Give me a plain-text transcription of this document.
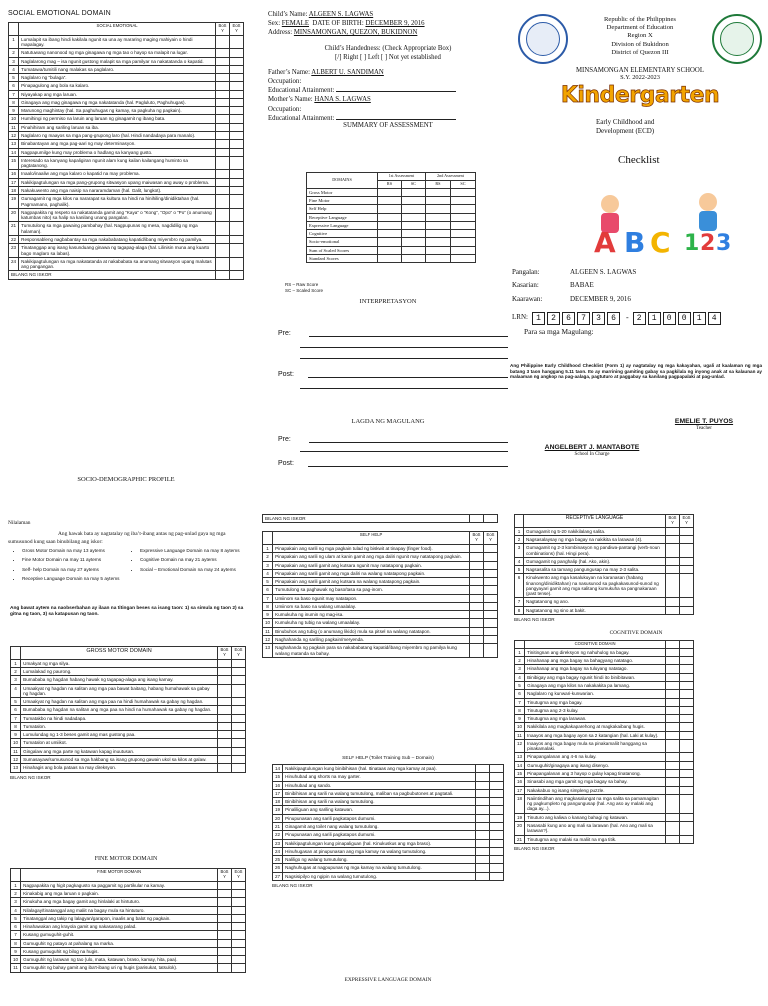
SOCIAL EMOTIONAL DOMAIN
	SOCIAL EMOTIONAL	BoS Y	EoS Y
1	Lumalapit sa ibang hindi kakilala ngunit sa una ay mararing maging mahiyain o hindi mapalagay.		
2	Natutuwang nanonood ng mga ginagawa ng mga tao o hayop sa malapit na lugar.		
3	Naglalarong mag – isa ngunit gustong malapit sa mga pamilyar na nakatatanda o kapatid.		
4	Tumatawa/tumitili nang malakas sa paglalaro.		
5	Naglalaro ng “bulaga”.		
6	Pinapagulong ang bola sa kalaro.		
7	Niyayakap ang mga laruan.		
8	Ginagaya ang mag ginagawa ng mga nakatatanda (hal. Pagluluto, Paghuhugas).		
9	Marunong maghintay (hal. Sa paghuhugas ng kamay, sa pagkuha ng pagkain).		
10	Humihingi ng permiso na laruin ang laruan ng ginagamit ng ibang bata.		
11	Pinahihiram ang sariling laruan sa iba.		
12	Naglalaro ng maayos sa mga pang-grupong laro (hal. Hindi nandadaya para manalo).		
13	Binabantayan ang mga pag-aari ng may determinasyon.		
14	Nagpapumilge kung may problema o hadlang sa kanyang gusto.		
15	Interesado sa kanyang kapaligiran ngunit alam kung kailan kailangang huminto sa pagtatanong.		
16	Inaalo/inaaliw ang mga kalaro o kapatid na may problema.		
17	Nakikipagtulungan sa mga pang-grupong sitwasyon upang maiwasan ang away o problema.		
18	Nakakuwento ang mga naisip na nararamdaman (hal. Galit, lungkot).		
19	Gumagamit ng mga kilos na nararapat sa kultura na hindi na hinihiling/dinidiktahan (hal. Pagmamano, paghalik).		
20	Nagpapakita ng respeto sa nakatatanda gamit ang “Kaya” o “Kong”, “Opo” o “Po” (o anumang katumbas nito) sa halip na kanilang unang pangalan.		
21	Tumutulong sa mga gawaing pambahay (hal. Nagpupunas ng mesa, nagdidilig ng mga halaman).		
22	Responsableng nagbabantay sa mga nakababatang kapatid/ibang miyembro ng pamilya.		
23	Tinatanggap ang isang kasunduang ginawa ng tagapag-alaga (hal. Lilinisin muna ang kuarto bago maglaro sa labas).		
24	Nakikipagtulungan sa mga nakatatanda at nakababata sa anumang sitwasyon upang malutas ang pangangan.		
BILANG NG ISKOR			
Child’s Name: ALGEEN S. LAGWAS
Sex: FEMALE DATE OF BIRTH: DECEMBER 9, 2016
Address: MINSAMONGAN, QUEZON, BUKIDNON
Child’s Handedness: (Check Appropriate Box)
[/] Right [ ] Left [ ] Not yet established
Father’s Name: ALBERT U. SANDIMAN
Occupation:
Educational Attainment:
Mother’s Name: HANA S. LAGWAS
Occupation:
Educational Attainment:
SUMMARY OF ASSESSMENT
DOMAINS	1st Assessment		2nd Assessment	
	RS	SC	RS	SC
Gross Motor				
Fine Motor				
Self Help				
Receptive Language				
Expressive Language				
Cognitive				
Socio-emotional				
Sum of Scaled Scores				
Standard Scores				
RS – Raw Score
SC – Scaled Score
INTERPRETASYON
Pre:
Post:
LAGDA NG MAGULANG
Pre:
Post:
Republic of the Philippines
Department of Education
Region X
Division of Bukidnon
District of Quezon III
MINSAMONGAN ELEMENTARY SCHOOL
S.Y. 2022-2023
Kindergarten
Early Childhood and
Development (ECD)
Checklist
A B C 1 2 3
Pangalan:	ALGEEN S. LAGWAS
Kasarian:	BABAE
Kaarawan:	DECEMBER 9, 2016
LRN:	1 2 6 7 3 6 - 2 1 0 0 1 4
Para sa mga Magulang:
Ang Philippine Early Childhood Checklist (Form 1) ay nagtatalay ng mga kakayahan, ugali at kaalaman ng mga batang 3 taon hanggang 5.11 taon. Ito ay marrining gamiting gabay sa pagkilala ng inyong anak at sa kalaunan ay malaaman ng angkop na pag-aalaga, pagtuturo at paggabay sa kanilang pagpapalaki at pag-unlad.
EMELIE T. PUYOS
Teacher
ANGELBERT J. MANTABOTE
School In Charge
SOCIO-DEMOGRAPHIC PROFILE
Nilalaman
Ang hawak bata ay nagtatalay ng iba’t-ibang antas ng pag-unlad gaya ng mga sumusunod kung saan binubilang ang iskor:
• Gross Motor Domain na may 13 aytems
• Fine Motor Domain na may 11 aytems
• Self- help Domain na may 27 aytems
• Receptive Language Domain na may 5 aytems
• Expressive Language Domain na may 8 aytems
• Cognitive Domain na may 21 aytems
• Social – Emotional Domain na may 24 aytems
Ang bawat aytem na naobserbahan ay ilaan na titingan beses sa isang taon: 1) sa simula ng taon 2) sa gitna ng taon, 3) sa katapusan ng taon.
	GROSS MOTOR DOMAIN	BoS Y	EoS Y
1	Umakyat ng mga silya.		
2	Lumalakad ng paurong.		
3	Bumababa ng hagdan habang hawak ng tagapag-alaga ang isang kamay.		
4	Umaakyat ng hagdan na salitan ang mga paa bawat baitang, habang humahawak sa gabay ng hagdan.		
5	Umaakyat ng hagdan na salitan ang mga paa na hindi humahawak sa gabay ng hagdan.		
6	Bumababa ng hagdan na salitan ang mga paa na hindi na humahawak sa gabay ng hagdan.		
7	Tumatakbo na hindi nadadapa.		
8	Tumatalon.		
9	Lumulundag ng 1-3 beses gamit ang mas gustong paa.		
10	Tumatalon at umiikot.		
11	Gingalaw ang mga parte ng katawan kapag inuutusan.		
12	Sumasayaw/sumusunod sa mga hakbang sa isang grupong gawain ukol sa kilos at galaw.		
13	Hinahagis ang bola pataas na may direksyon.		
BILANG NG ISKOR
FINE MOTOR DOMAIN
	FINE MOTOR DOMAIN	BoS Y	EoS Y
1	Nagpapakita ng higit pagkagusto sa paggamit ng partikular na kamay.		
2	Kinakabig ang mga laruan o pagkain.		
3	Kinukuha ang mga bagay gamit ang hinlalaki at hintuturo.		
4	Nilalagay/tinatanggal ang maliit na bagay mula sa hintuturo.		
5	Tinatanggal ang takip ng lalagyan/garapon, inaalis ang balot ng pagkain.		
6	Hinahawakan ang krayola gamit ang nakasarang palad.		
7	Kusang gumuguhit-guhit.		
8	Gumuguhit ng patayo at pahalang na marka.		
9	Kusang gumuguhit ng bilog na hugis.		
10	Gumuguhit ng larawan ng tao (ulo, mata, katawan, braso, kamay, hita, paa).		
11	Gumuguhit ng bahay gamit ang iba't-ibang uri ng hugis (parisukat, tatsulok).		
BILANG NG ISKOR		
	SELF HELP	BoS Y	EoS Y
1	Pinapakain ang sarili ng mga pagkain tulad ng biskwit at tinapay (finger food).		
2	Pinapakain ang sarili ng ulam at kanin gamit ang mga daliri ngunit may natatapong pagkain.		
3	Pinapakain ang sarili gamit ang kutsara ngunit may natatapong pagkain.		
4	Pinapakain ang sarili gamit ang mga daliri na walang natatapong pagkain.		
5	Pinapakain ang sarili gamit ang kutsara na walang natatapong pagkain.		
6	Tumutulong sa paghawak ng baso/tasa sa pag-inom.		
7	Umiinom sa baso ngunit may natatapon.		
8	Umiinom sa baso na walang umaalalay.		
9	Kumukuha ng inumin ng mag-isa.		
10	Kumukuha ng tubig na walang umaalalay.		
11	Binubuhos ang tubig (o anumang likido) mula sa pitsel na walang natatapon.		
12	Naghahanda ng sariling pagkain/meryenda.		
13	Naghahanda ng pagkain para sa nakababatang kapatid/ibang miyembro ng pamilya kung walang matanda sa bahay.		
SELF HELP (Toilet Training Sub – Domain)
14	Nakikipagtulungan kung binibihisan (hal. Itinataas ang mga kamay at paa).		
15	Hinuhubad ang shorts na may garter.		
16	Hinuhubad ang sando.		
17	Binibihisan ang sarili na walang tumutulong, maliban sa pagbubutones at pagtatali.		
18	Binibihisan ang sarili na walang tumutulong.		
19	Pinaliliguan ang sariling katawan.		
20	Pinupunasan ang sarili pagkatapos dumumi.		
21	Ginagamit ang toilet nang walang tumutulong.		
22	Pinupunasan ang sarili pagkatapos dumumi.		
23	Nakikipagtulungan kung pinapaliguan (hal. Kinukuskus ang mga braso).		
24	Hinuhugasan at pinupunasan ang mga kamay na walang tumutulong.		
25	Naliligo ng walang tumutulong.		
26	Naghuhugas at nagpupunas ng mga kamay na walang tumutulong.		
27	Nagsisipilyo ng ngipin na walang tumutulong.		
BILANG NG ISKOR
EXPRESSIVE LANGUAGE DOMAIN
	RECEPTIVE LANGUAGE	BoS Y	EoS Y
1	Gumagamit ng 5-20 nakikilalang salita.		
2	Nagsasalaysay ng mga bagay na nakikita sa larawan (4).		
3	Gumagamit ng 2-3 kombinasyon ng pandiwa-pantangi (verb-noun combinations) (hal. Hingi pera).		
4	Gumagamit ng panghalip (hal. Ako, akin).		
5	Nagsasalita sa tamang pangungusap na may 2-3 salita.		
6	Kinukwento ang mga kasalukuyan na karanasan (habang tinanong/dinidiktahan) na nasusunod sa pagkakasunod-sunod ng pangyayari gamit ang mga salitang kumukuha sa pangnakaraan (past tense).		
7	Nagtatanong ng ano.		
8	Nagtatanong ng sino at bakit.		
BILANG NG ISKOR
COGNITIVE DOMAIN
	COGNITIVE DOMAIN		
1	Tinitingnan ang direksyon ng nahuhulog na bagay.		
2	Hinahanap ang mga bagay na bahagyang natatago.		
3	Hinahanap ang mga bagay na tuluyang natatago.		
4	Binibigay ang mga bagay ngunit hindi ito binibitawan.		
5	Ginagaya ang mga kilos na nakakakita pa lamang.		
6	Naglalaro ng kunwari-kunwarian.		
7	Tinutugma ang mga bagay.		
8	Tinutugma ang 2-3 kulay.		
9	Tinutugma ang mga larawan.		
10	Nakikilala ang magkakaparehong at magkakaibang hugis.		
11	Inaayos ang mga bagay ayon sa 2 katangian (hal. Laki at kulay).		
12	Inaayos ang mga bagay mula sa pinakamaliit hanggang sa pinakamalaki.		
13	Pinapangalanan ang 4-6 na kulay.		
14	Gumuguhit/ginagaya ang isang disenyo.		
15	Pinapangalanan ang 3 hayop o gulay kapag tinatanong.		
16	Sinasabi ang mga gamit ng mga bagay sa bahay.		
17	Nakakabuo ng isang simpleng puzzle.		
18	Naiintindihan ang magkasalungat na mga salita sa pamamagitan ng pagkumpleto ng pangungusap (hal. Ang aso ay malaki ang daga ay...).		
19	Tinuturo ang kaliwa o kanang bahagi ng katawan.		
20	Nasasabi kung ano ang mali sa larawan (hal. Ano ang mali sa larawan?).		
21	Tinutugma ang malaki sa maliit na mga titik.		
BILANG NG ISKOR
